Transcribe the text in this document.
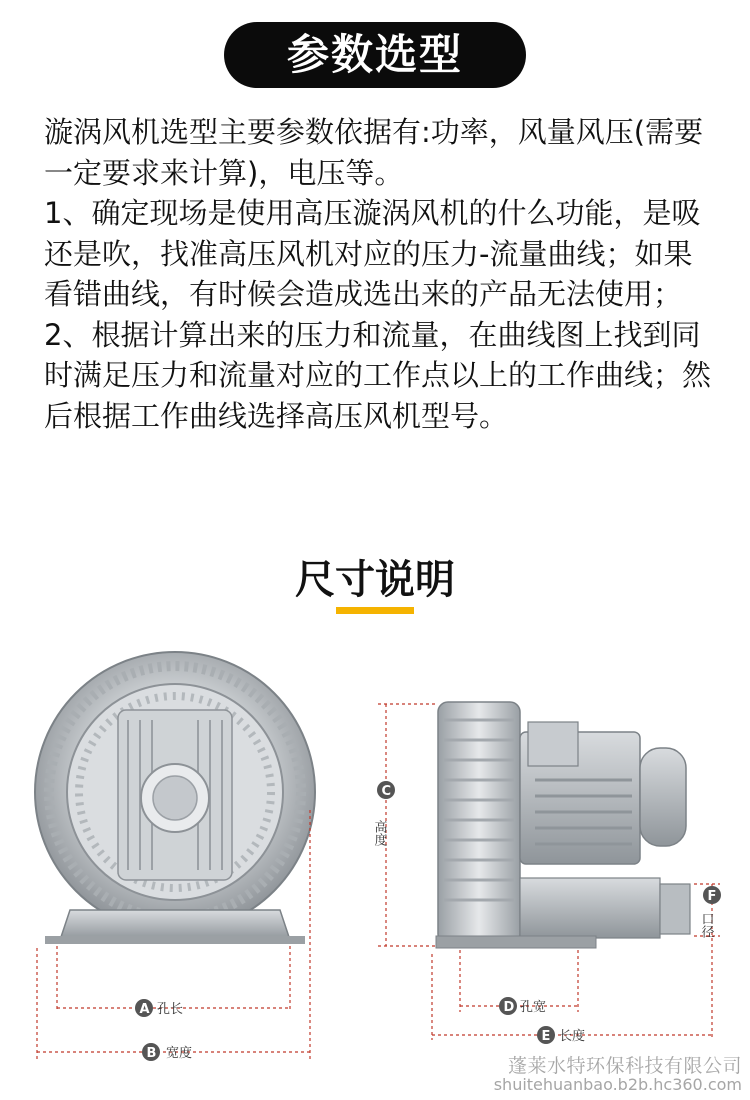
参数选型

漩涡风机选型主要参数依据有:功率，风量风压(需要一定要求来计算)，电压等。

1、确定现场是使用高压漩涡风机的什么功能，是吸还是吹，找准高压风机对应的压力-流量曲线；如果看错曲线，有时候会造成选出来的产品无法使用；

2、根据计算出来的压力和流量，在曲线图上找到同时满足压力和流量对应的工作点以上的工作曲线；然后根据工作曲线选择高压风机型号。

尺寸说明
A 孔长
B 宽度
C
高度
D 孔宽
E 长度
F
口径
蓬莱水特环保科技有限公司
shuitehuanbao.b2b.hc360.com
